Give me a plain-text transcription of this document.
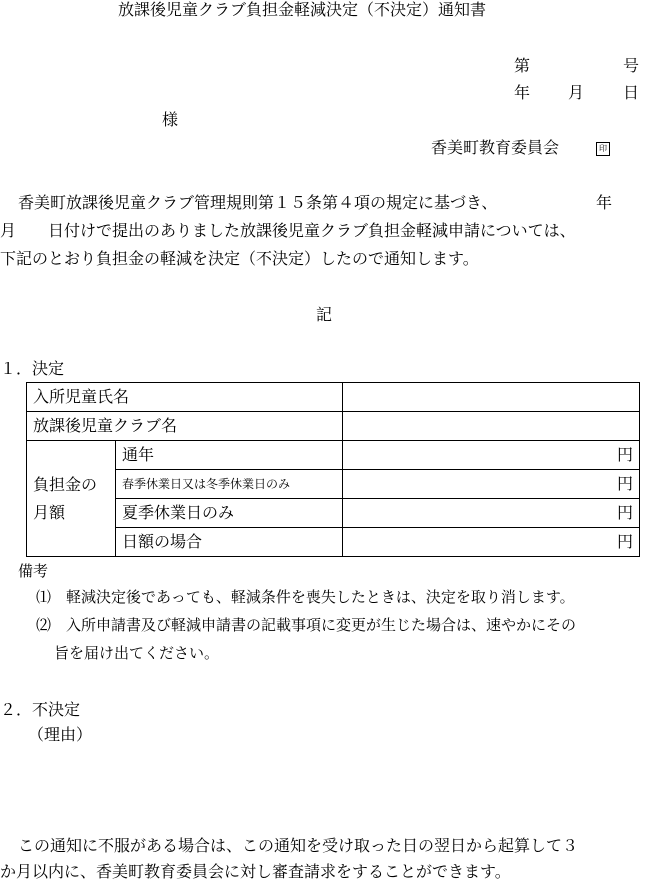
放課後児童クラブ負担金軽減決定（不決定）通知書
第	号
年 月 日
様
香美町教育委員会	印
香美町放課後児童クラブ管理規則第１５条第４項の規定に基づき、	年
月　　日付けで提出のありました放課後児童クラブ負担金軽減申請については、
下記のとおり負担金の軽減を決定（不決定）したので通知します。
記
１．決定
入所児童氏名		
放課後児童クラブ名		

負担金の
月額	通年	円
	春季休業日又は冬季休業日のみ	円
	夏季休業日のみ	円
	日額の場合	円
備考
⑴　軽減決定後であっても、軽減条件を喪失したときは、決定を取り消します。
⑵　入所申請書及び軽減申請書の記載事項に変更が生じた場合は、速やかにその
旨を届け出てください。
２．不決定
（理由）
この通知に不服がある場合は、この通知を受け取った日の翌日から起算して３
か月以内に、香美町教育委員会に対し審査請求をすることができます。
